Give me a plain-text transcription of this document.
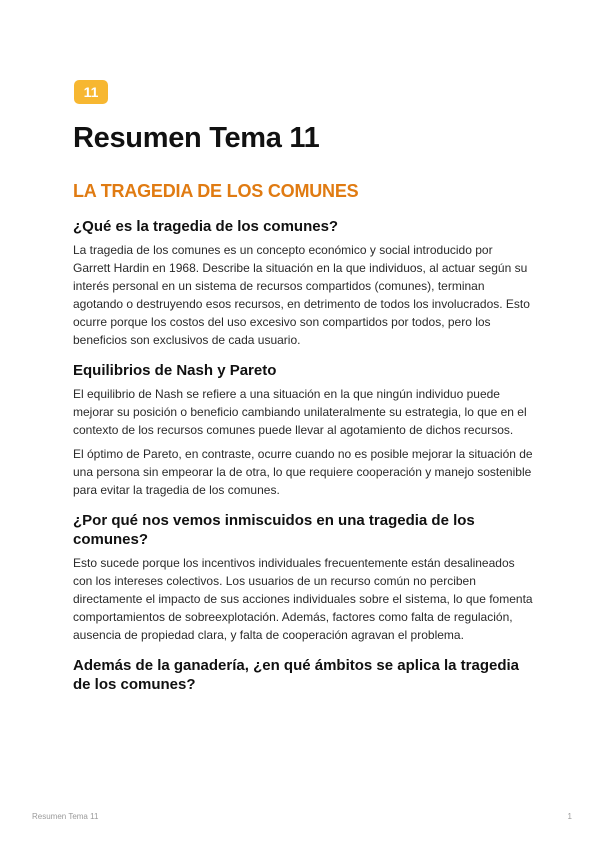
11
Resumen Tema 11
LA TRAGEDIA DE LOS COMUNES
¿Qué es la tragedia de los comunes?

La tragedia de los comunes es un concepto económico y social introducido por Garrett Hardin en 1968. Describe la situación en la que individuos, al actuar según su interés personal en un sistema de recursos compartidos (comunes), terminan agotando o destruyendo esos recursos, en detrimento de todos los involucrados. Esto ocurre porque los costos del uso excesivo son compartidos por todos, pero los beneficios son exclusivos de cada usuario.

Equilibrios de Nash y Pareto

El equilibrio de Nash se refiere a una situación en la que ningún individuo puede mejorar su posición o beneficio cambiando unilateralmente su estrategia, lo que en el contexto de los recursos comunes puede llevar al agotamiento de dichos recursos.

El óptimo de Pareto, en contraste, ocurre cuando no es posible mejorar la situación de una persona sin empeorar la de otra, lo que requiere cooperación y manejo sostenible para evitar la tragedia de los comunes.

¿Por qué nos vemos inmiscuidos en una tragedia de los comunes?

Esto sucede porque los incentivos individuales frecuentemente están desalineados con los intereses colectivos. Los usuarios de un recurso común no perciben directamente el impacto de sus acciones individuales sobre el sistema, lo que fomenta comportamientos de sobreexplotación. Además, factores como falta de regulación, ausencia de propiedad clara, y falta de cooperación agravan el problema.

Además de la ganadería, ¿en qué ámbitos se aplica la tragedia de los comunes?
Resumen Tema 11	1
